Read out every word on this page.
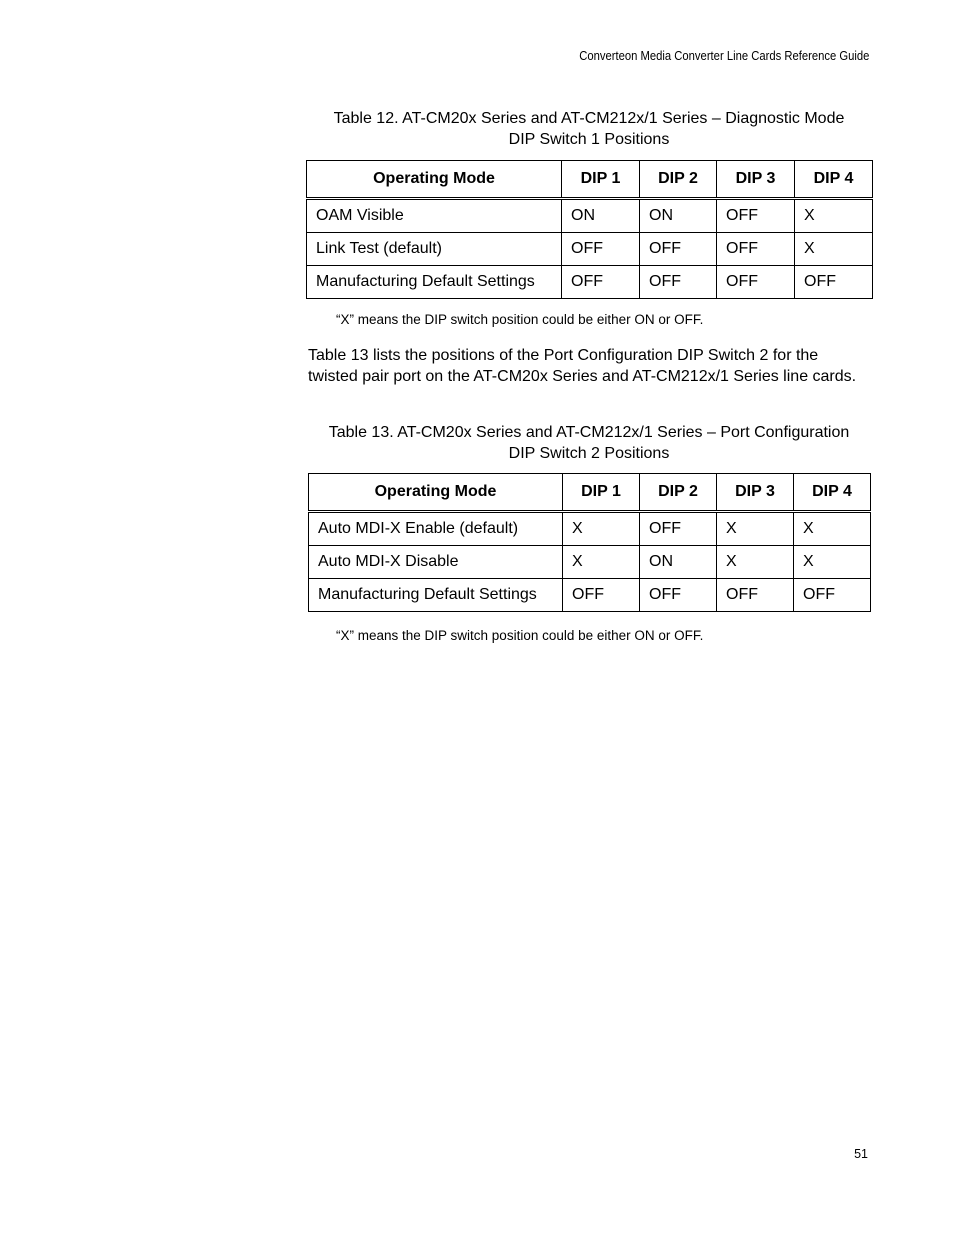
Converteon Media Converter Line Cards Reference Guide
Table 12. AT-CM20x Series and AT-CM212x/1 Series – Diagnostic Mode
DIP Switch 1 Positions
Operating Mode	DIP 1	DIP 2	DIP 3	DIP 4
OAM Visible	ON	ON	OFF	X
Link Test (default)	OFF	OFF	OFF	X
Manufacturing Default Settings	OFF	OFF	OFF	OFF
“X” means the DIP switch position could be either ON or OFF.

Table 13 lists the positions of the Port Configuration DIP Switch 2 for the twisted pair port on the AT-CM20x Series and AT-CM212x/1 Series line cards.

Table 13. AT-CM20x Series and AT-CM212x/1 Series – Port Configuration
DIP Switch 2 Positions
Operating Mode	DIP 1	DIP 2	DIP 3	DIP 4
Auto MDI-X Enable (default)	X	OFF	X	X
Auto MDI-X Disable	X	ON	X	X
Manufacturing Default Settings	OFF	OFF	OFF	OFF
“X” means the DIP switch position could be either ON or OFF.
51
